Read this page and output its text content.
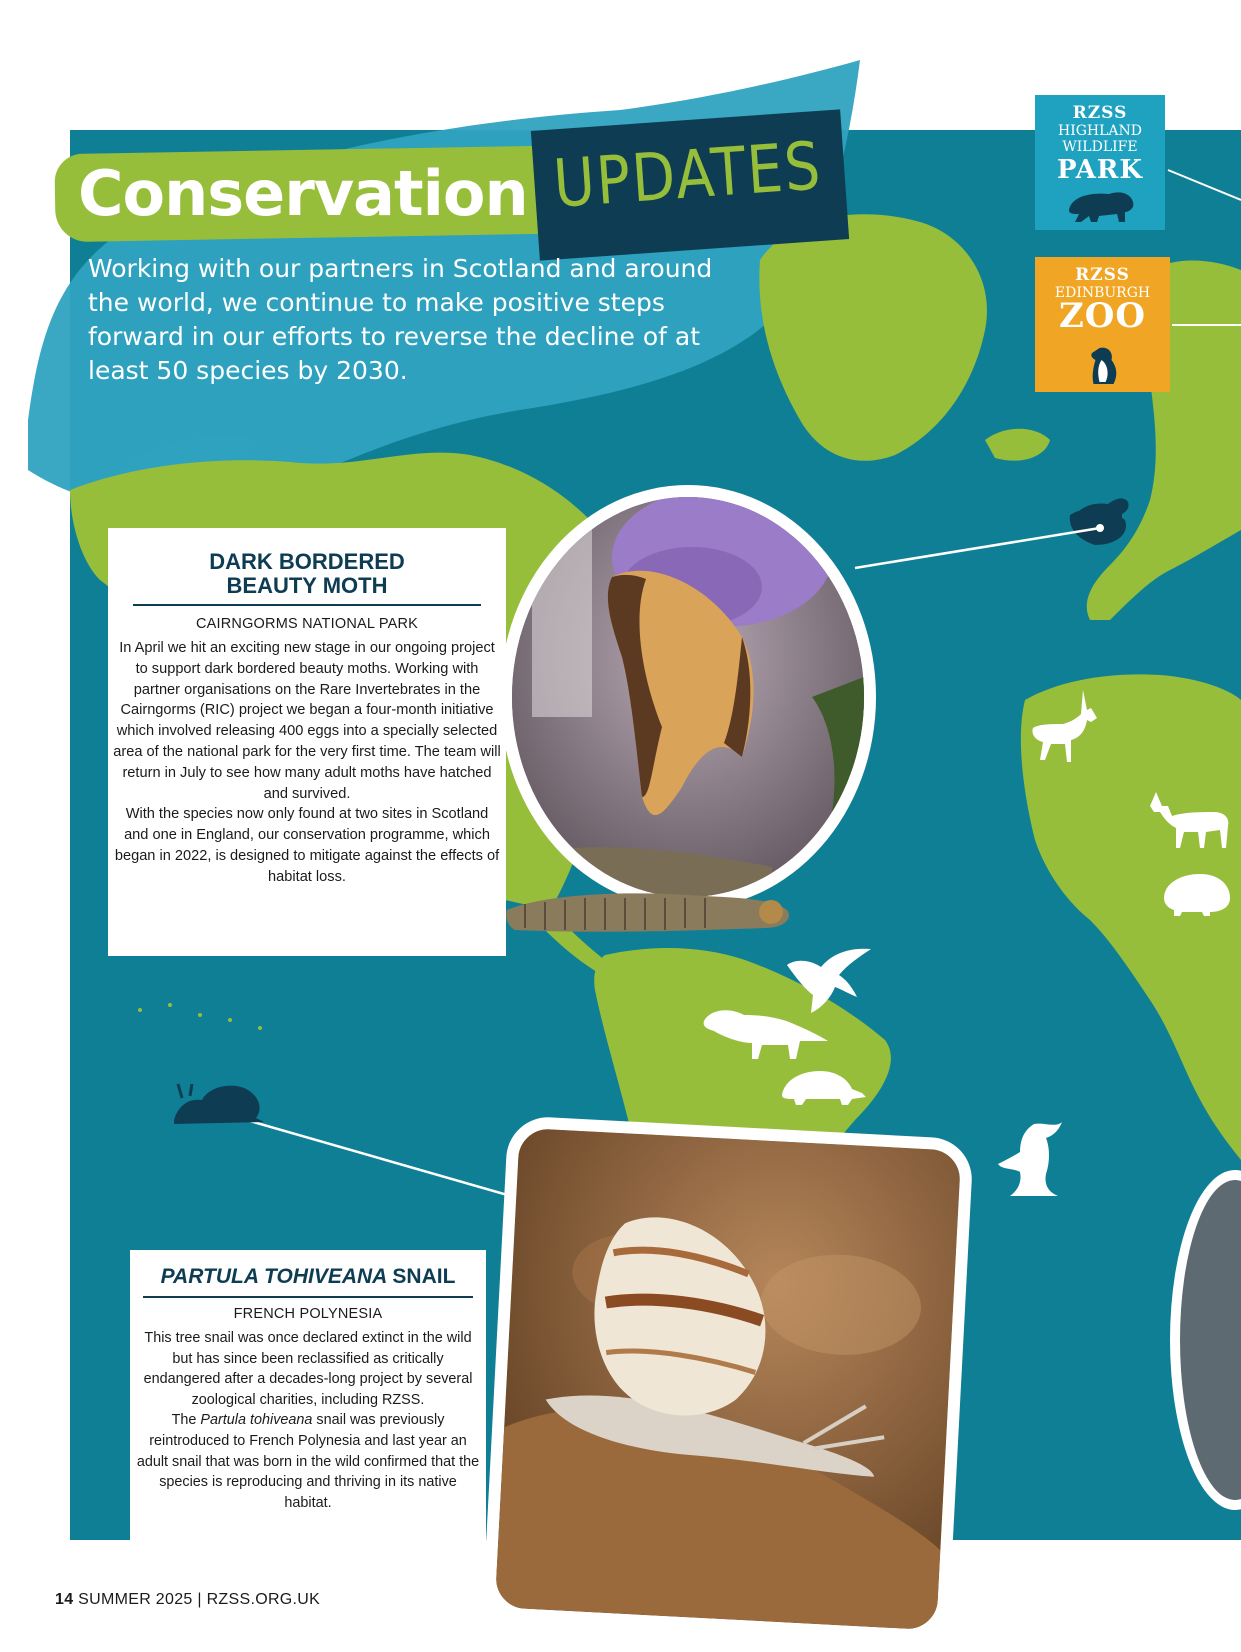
Conservation UPDATES
Working with our partners in Scotland and around the world, we continue to make positive steps forward in our efforts to reverse the decline of at least 50 species by 2030.
RZSS
HIGHLAND
WILDLIFE
PARK
RZSS
EDINBURGH
ZOO
DARK BORDERED
BEAUTY MOTH
CAIRNGORMS NATIONAL PARK
In April we hit an exciting new stage in our ongoing project to support dark bordered beauty moths. Working with partner organisations on the Rare Invertebrates in the Cairngorms (RIC) project we began a four-month initiative which involved releasing 400 eggs into a specially selected area of the national park for the very first time. The team will return in July to see how many adult moths have hatched and survived.
With the species now only found at two sites in Scotland and one in England, our conservation programme, which began in 2022, is designed to mitigate against the effects of habitat loss.
PARTULA TOHIVEANA SNAIL
FRENCH POLYNESIA
This tree snail was once declared extinct in the wild but has since been reclassified as critically endangered after a decades-long project by several zoological charities, including RZSS.
The Partula tohiveana snail was previously reintroduced to French Polynesia and last year an adult snail that was born in the wild confirmed that the species is reproducing and thriving in its native habitat.
14 SUMMER 2025 | RZSS.ORG.UK
